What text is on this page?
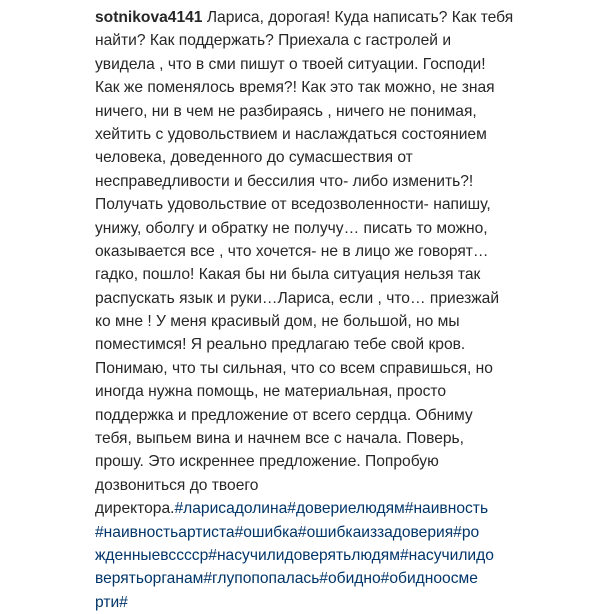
sotnikova4141 Лариса, дорогая! Куда написать? Как тебя
найти? Как поддержать? Приехала с гастролей и
увидела , что в сми пишут о твоей ситуации. Господи!
Как же поменялось время?! Как это так можно, не зная
ничего, ни в чем не разбираясь , ничего не понимая,
хейтить с удовольствием и наслаждаться состоянием
человека, доведенного до сумасшествия от
несправедливости и бессилия что- либо изменить?!
Получать удовольствие от вседозволенности- напишу,
унижу, оболгу и обратку не получу… писать то можно,
оказывается все , что хочется- не в лицо же говорят…
гадко, пошло! Какая бы ни была ситуация нельзя так
распускать язык и руки…Лариса, если , что… приезжай
ко мне ! У меня красивый дом, не большой, но мы
поместимся! Я реально предлагаю тебе свой кров.
Понимаю, что ты сильная, что со всем справишься, но
иногда нужна помощь, не материальная, просто
поддержка и предложение от всего сердца. Обниму
тебя, выпьем вина и начнем все с начала. Поверь,
прошу. Это искреннее предложение. Попробую
дозвониться до твоего
директора.#ларисадолина#довериелюдям#наивность
#наивностьартиста#ошибка#ошибкаиззадоверия#ро
жденныевсссср#насучилидоверятьлюдям#насучилидо
верятьорганам#глупопопалась#обидно#обидноосме
рти#
